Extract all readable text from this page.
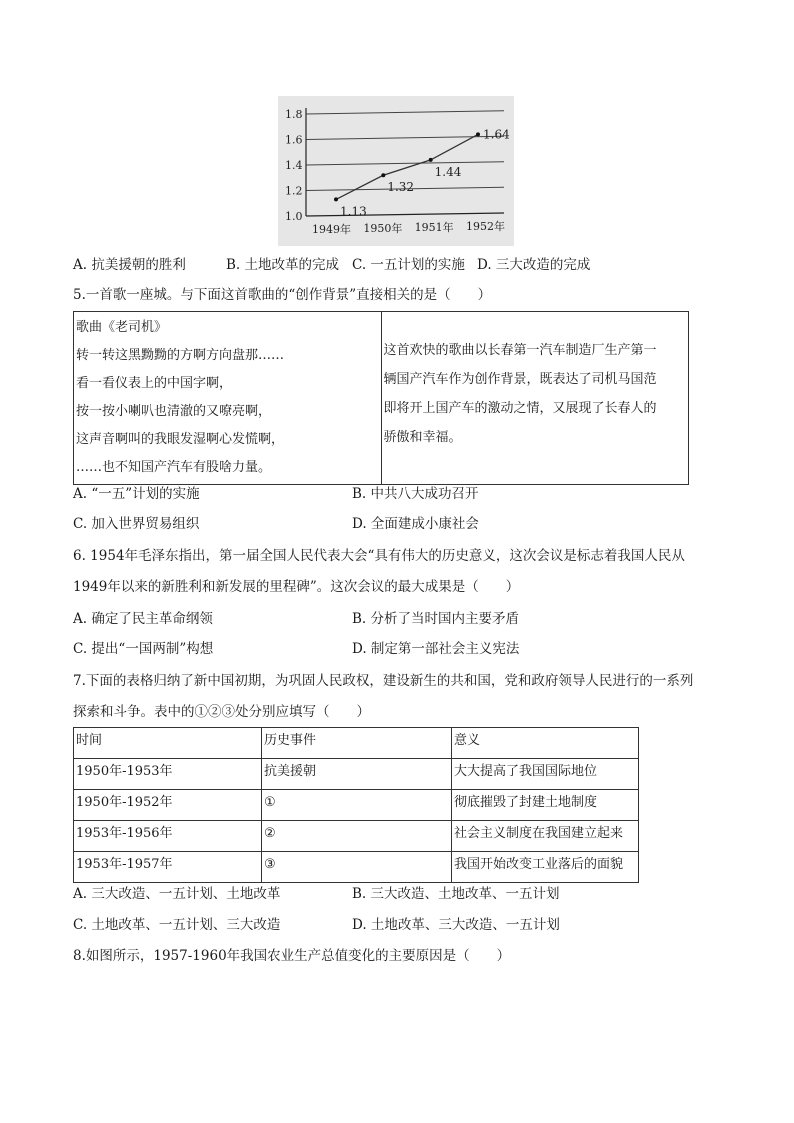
1.8
1.6
1.4
1.2
1.0	1.13
1.32
1.44
1.64
1949年 1950年 1951年 1952年
A. 抗美援朝的胜利	B. 土地改革的完成 C. 一五计划的实施 D. 三大改造的完成
5.一首歌一座城。与下面这首歌曲的“创作背景”直接相关的是（　　）
歌曲《老司机》
转一转这黑黝黝的方啊方向盘那……
看一看仪表上的中国字啊，
按一按小喇叭也清澈的又嘹亮啊，
这声音啊叫的我眼发湿啊心发慌啊，
……也不知国产汽车有股啥力量。

这首欢快的歌曲以长春第一汽车制造厂生产第一
辆国产汽车作为创作背景，既表达了司机马国范
即将开上国产车的激动之情，又展现了长春人的
骄傲和幸福。
A. “一五”计划的实施	B. 中共八大成功召开
C. 加入世界贸易组织	D. 全面建成小康社会
6. 1954年毛泽东指出，第一届全国人民代表大会“具有伟大的历史意义，这次会议是标志着我国人民从
1949年以来的新胜利和新发展的里程碑”。这次会议的最大成果是（　　）
A. 确定了民主革命纲领	B. 分析了当时国内主要矛盾
C. 提出“一国两制”构想	D. 制定第一部社会主义宪法
7.下面的表格归纳了新中国初期，为巩固人民政权，建设新生的共和国，党和政府领导人民进行的一系列
探索和斗争。表中的①②③处分别应填写（　　）
时间	历史事件	意义
1950年-1953年	抗美援朝	大大提高了我国国际地位
1950年-1952年	①	彻底摧毁了封建土地制度
1953年-1956年	②	社会主义制度在我国建立起来
1953年-1957年	③	我国开始改变工业落后的面貌
A. 三大改造、一五计划、土地改革	B. 三大改造、土地改革、一五计划
C. 土地改革、一五计划、三大改造	D. 土地改革、三大改造、一五计划
8.如图所示，1957-1960年我国农业生产总值变化的主要原因是（　　）
